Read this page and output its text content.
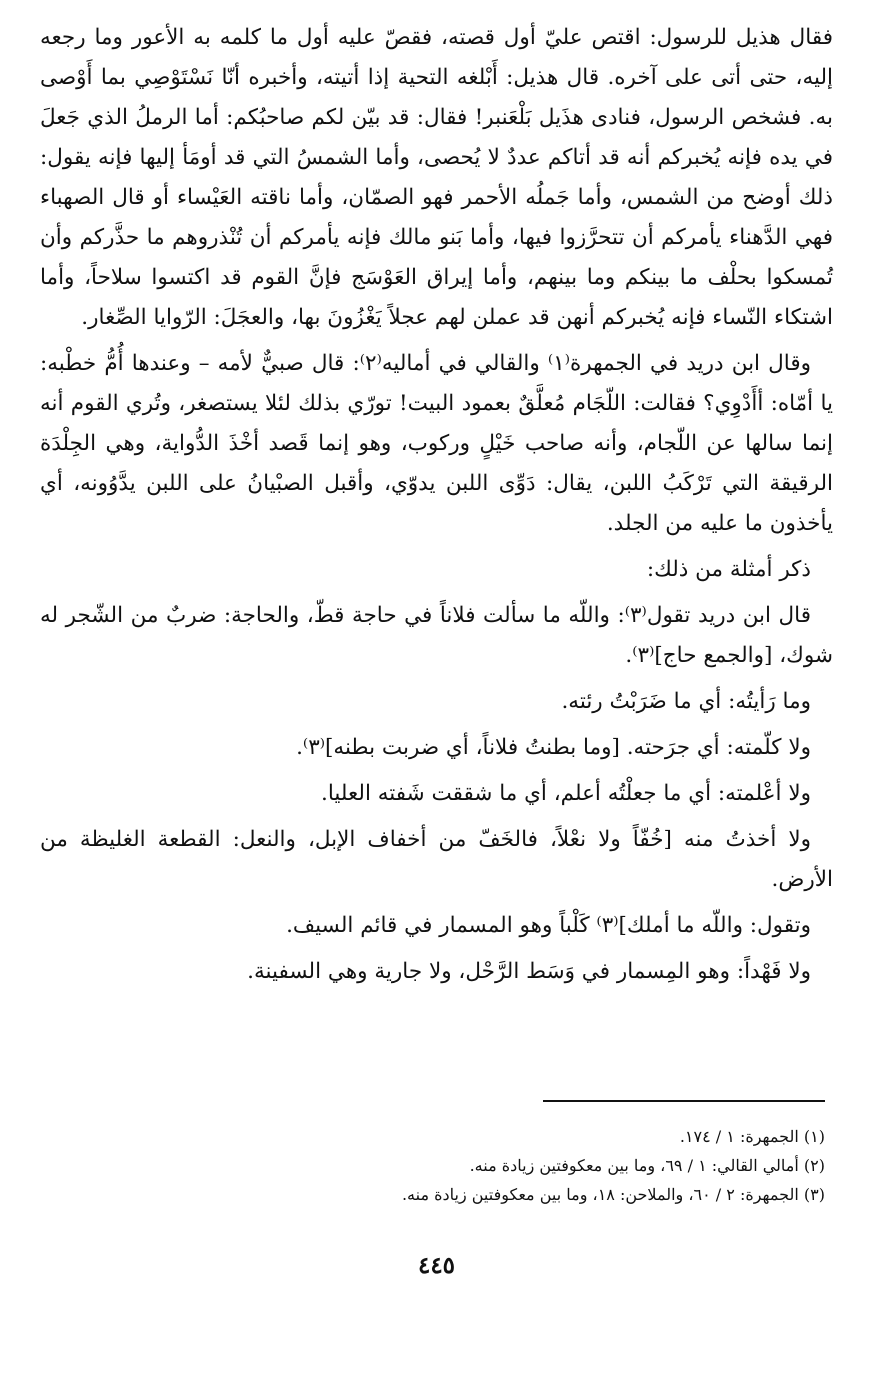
فقال هذيل للرسول: اقتص عليّ أول قصته، فقصّ عليه أول ما كلمه به الأعور وما رجعه إليه، حتى أتى على آخره. قال هذيل: أَبْلغه التحية إذا أتيته، وأخبره أنّا نَسْتَوْصِي بما أَوْصى به. فشخص الرسول، فنادى هذَيل بَلْعَنبر! فقال: قد بيّن لكم صاحبُكم: أما الرملُ الذي جَعلَ في يده فإنه يُخبركم أنه قد أتاكم عددٌ لا يُحصى، وأما الشمسُ التي قد أومَأ إليها فإنه يقول: ذلك أوضح من الشمس، وأما جَملُه الأحمر فهو الصمّان، وأما ناقته العَيْساء أو قال الصهباء فهي الدَّهناء يأمركم أن تتحرَّزوا فيها، وأما بَنو مالك فإنه يأمركم أن تُنْذروهم ما حذَّركم وأن تُمسكوا بحلْف ما بينكم وما بينهم، وأما إيراق العَوْسَج فإنَّ القوم قد اكتسوا سلاحاً، وأما اشتكاء النّساء فإنه يُخبركم أنهن قد عملن لهم عجلاً يَغْزُونَ بها، والعجَلَ: الرّوايا الصِّغار.

وقال ابن دريد في الجمهرة⁽١⁾ والقالي في أماليه⁽٢⁾: قال صبيٌّ لأمه – وعندها أُمُّ خطْبه: يا أمّاه: أأَدْوِي؟ فقالت: اللّجَام مُعلَّقٌ بعمود البيت! تورّي بذلك لئلا يستصغر، وتُري القوم أنه إنما سالها عن اللّجام، وأنه صاحب خَيْلٍ وركوب، وهو إنما قَصد أخْذَ الدُّواية، وهي الجِلْدَة الرقيقة التي تَرْكَبُ اللبن، يقال: دَوِّى اللبن يدوّي، وأقبل الصبْيانُ على اللبن يدَّوُونه، أي يأخذون ما عليه من الجلد.

ذكر أمثلة من ذلك:

قال ابن دريد تقول⁽٣⁾: واللّه ما سألت فلاناً في حاجة قطّ، والحاجة: ضربٌ من الشّجر له شوك، [والجمع حاج]⁽٣⁾.

وما رَأيتُه: أي ما ضَرَبْتُ رئته.

ولا كلّمته: أي جرَحته. [وما بطنتُ فلاناً، أي ضربت بطنه]⁽٣⁾.

ولا أعْلمته: أي ما جعلْتُه أعلم، أي ما شققت شَفته العليا.

ولا أخذتُ منه [خُفّاً ولا نعْلاً، فالخَفّ من أخفاف الإبل، والنعل: القطعة الغليظة من الأرض.

وتقول: واللّه ما أملك]⁽٣⁾ كَلْباً وهو المسمار في قائم السيف.

ولا فَهْداً: وهو المِسمار في وَسَط الرَّحْل، ولا جارية وهي السفينة.

(١) الجمهرة: ١ / ١٧٤.

(٢) أمالي القالي: ١ / ٦٩، وما بين معكوفتين زيادة منه.

(٣) الجمهرة: ٢ / ٦٠، والملاحن: ١٨، وما بين معكوفتين زيادة منه.

٤٤٥
